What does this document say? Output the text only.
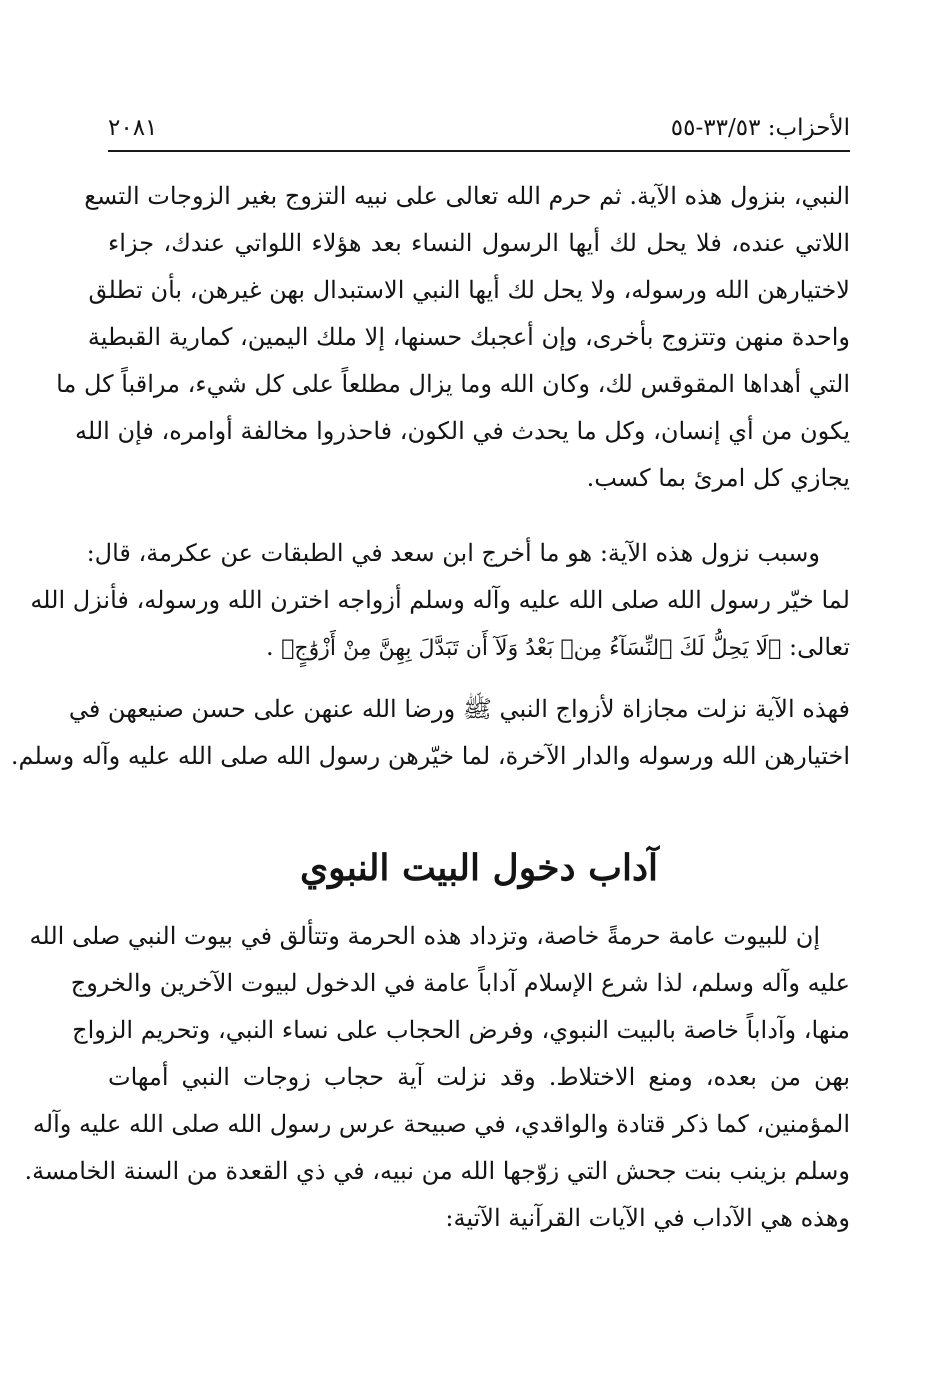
الأحزاب: ٣٣/٥٣-٥٥
٢٠٨١
النبي، بنزول هذه الآية. ثم حرم الله تعالى على نبيه التزوج بغير الزوجات التسع
اللاتي عنده، فلا يحل لك أيها الرسول النساء بعد هؤلاء اللواتي عندك، جزاء
لاختيارهن الله ورسوله، ولا يحل لك أيها النبي الاستبدال بهن غيرهن، بأن تطلق
واحدة منهن وتتزوج بأخرى، وإن أعجبك حسنها، إلا ملك اليمين، كمارية القبطية
التي أهداها المقوقس لك، وكان الله وما يزال مطلعاً على كل شيء، مراقباً كل ما
يكون من أي إنسان، وكل ما يحدث في الكون، فاحذروا مخالفة أوامره، فإن الله
يجازي كل امرئ بما كسب.
وسبب نزول هذه الآية: هو ما أخرج ابن سعد في الطبقات عن عكرمة، قال:
لما خيّر رسول الله صلى الله عليه وآله وسلم أزواجه اخترن الله ورسوله، فأنزل الله
تعالى: ﴿لَا يَحِلُّ لَكَ ٱلنِّسَآءُ مِنۢ بَعْدُ وَلَآ أَن تَبَدَّلَ بِهِنَّ مِنْ أَزْوَٰجٍ﴾ .
فهذه الآية نزلت مجازاة لأزواج النبي ﷺ ورضا الله عنهن على حسن صنيعهن في
اختيارهن الله ورسوله والدار الآخرة، لما خيّرهن رسول الله صلى الله عليه وآله وسلم.
آداب دخول البيت النبوي
إن للبيوت عامة حرمةً خاصة، وتزداد هذه الحرمة وتتألق في بيوت النبي صلى الله
عليه وآله وسلم، لذا شرع الإسلام آداباً عامة في الدخول لبيوت الآخرين والخروج
منها، وآداباً خاصة بالبيت النبوي، وفرض الحجاب على نساء النبي، وتحريم الزواج
بهن من بعده، ومنع الاختلاط. وقد نزلت آية حجاب زوجات النبي أمهات
المؤمنين، كما ذكر قتادة والواقدي، في صبيحة عرس رسول الله صلى الله عليه وآله
وسلم بزينب بنت جحش التي زوّجها الله من نبيه، في ذي القعدة من السنة الخامسة.
وهذه هي الآداب في الآيات القرآنية الآتية:
